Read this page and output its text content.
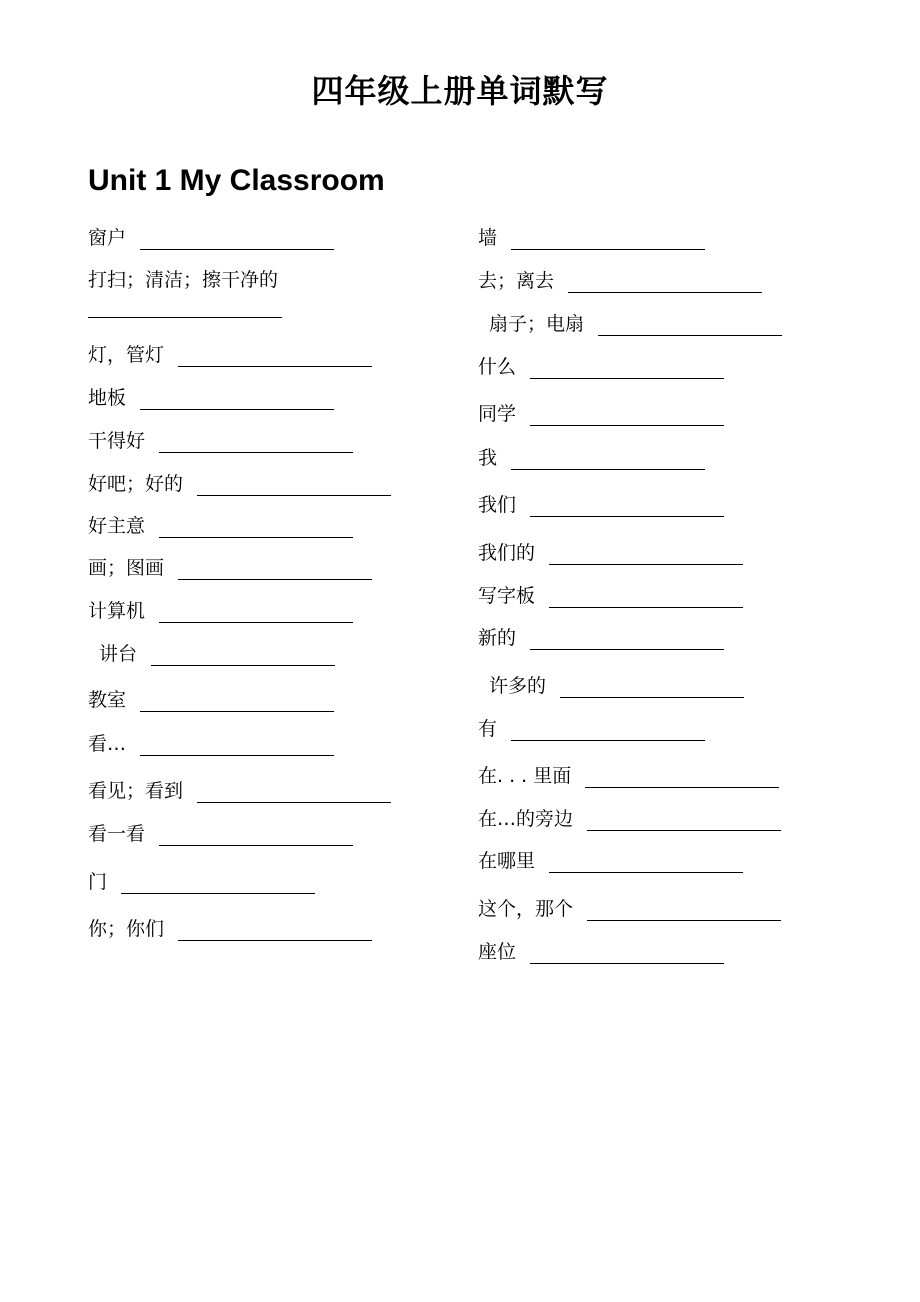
四年级上册单词默写
Unit 1 My Classroom
窗户
打扫；清洁；擦干净的
灯，管灯
地板
干得好
好吧；好的
好主意
画；图画
计算机
讲台
教室
看…
看见；看到
看一看
门
你；你们
墙
去；离去
扇子；电扇
什么
同学
我
我们
我们的
写字板
新的
许多的
有
在. . . 里面
在…的旁边
在哪里
这个，那个
座位
